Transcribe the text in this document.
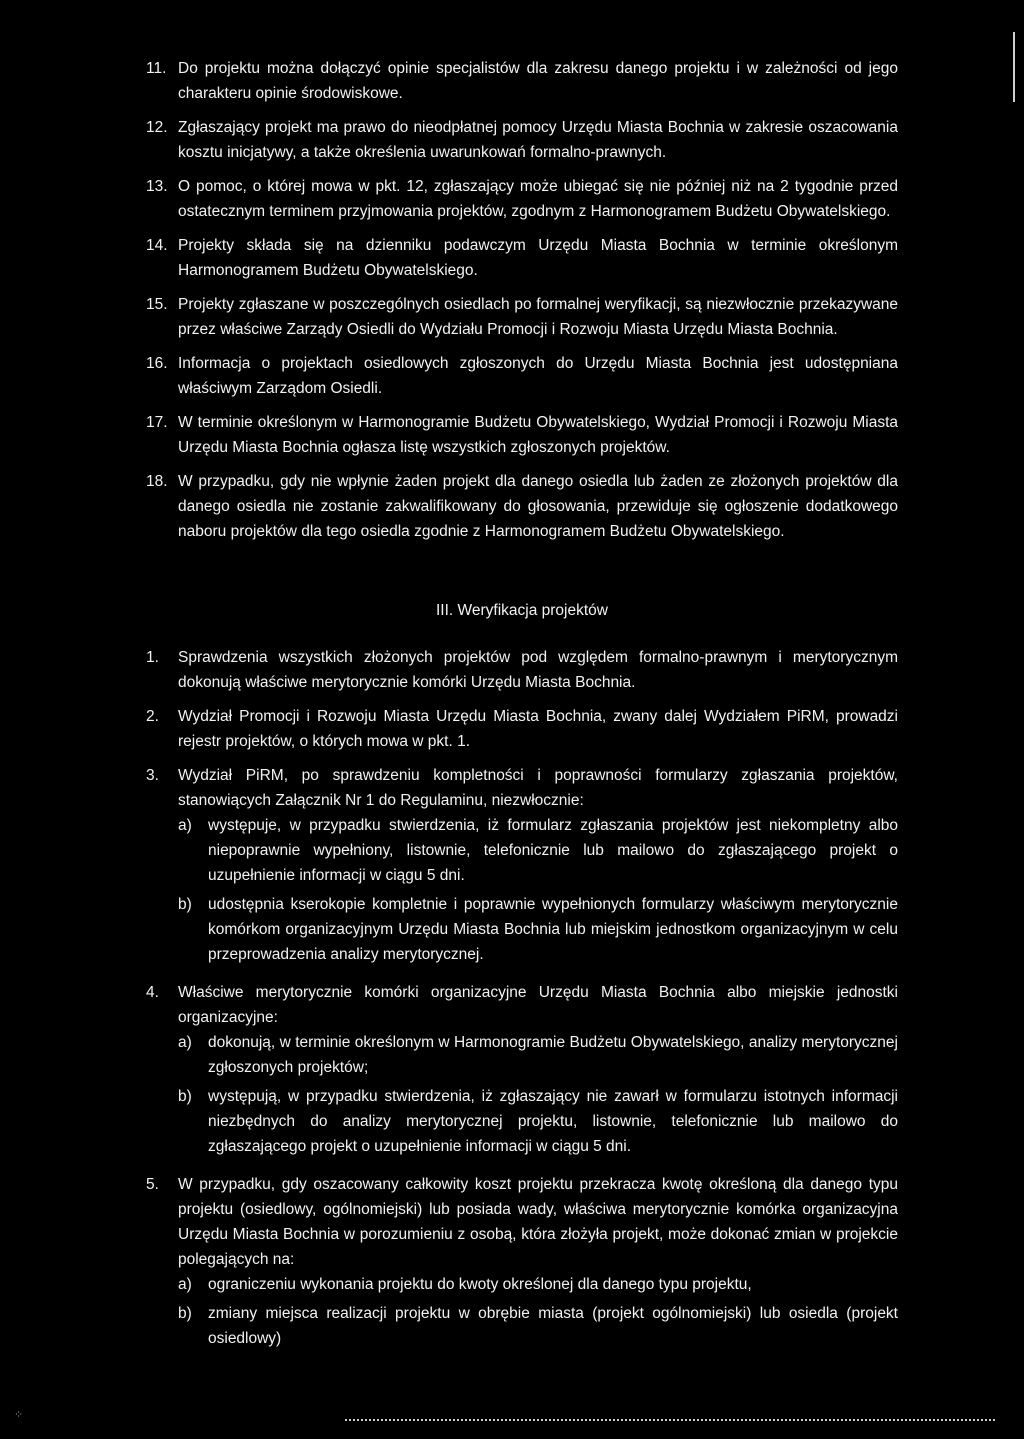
11. Do projektu można dołączyć opinie specjalistów dla zakresu danego projektu i w zależności od jego charakteru opinie środowiskowe.
12. Zgłaszający projekt ma prawo do nieodpłatnej pomocy Urzędu Miasta Bochnia w zakresie oszacowania kosztu inicjatywy, a także określenia uwarunkowań formalno-prawnych.
13. O pomoc, o której mowa w pkt. 12, zgłaszający może ubiegać się nie później niż na 2 tygodnie przed ostatecznym terminem przyjmowania projektów, zgodnym z Harmonogramem Budżetu Obywatelskiego.
14. Projekty składa się na dzienniku podawczym Urzędu Miasta Bochnia w terminie określonym Harmonogramem Budżetu Obywatelskiego.
15. Projekty zgłaszane w poszczególnych osiedlach po formalnej weryfikacji, są niezwłocznie przekazywane przez właściwe Zarządy Osiedli do Wydziału Promocji i Rozwoju Miasta Urzędu Miasta Bochnia.
16. Informacja o projektach osiedlowych zgłoszonych do Urzędu Miasta Bochnia jest udostępniana właściwym Zarządom Osiedli.
17. W terminie określonym w Harmonogramie Budżetu Obywatelskiego, Wydział Promocji i Rozwoju Miasta Urzędu Miasta Bochnia ogłasza listę wszystkich zgłoszonych projektów.
18. W przypadku, gdy nie wpłynie żaden projekt dla danego osiedla lub żaden ze złożonych projektów dla danego osiedla nie zostanie zakwalifikowany do głosowania, przewiduje się ogłoszenie dodatkowego naboru projektów dla tego osiedla zgodnie z Harmonogramem Budżetu Obywatelskiego.
III. Weryfikacja projektów
1.	Sprawdzenia wszystkich złożonych projektów pod względem formalno-prawnym i merytorycznym dokonują właściwe merytorycznie komórki Urzędu Miasta Bochnia.
2.	Wydział Promocji i Rozwoju Miasta Urzędu Miasta Bochnia, zwany dalej Wydziałem PiRM, prowadzi rejestr projektów, o których mowa w pkt. 1.
3.	Wydział PiRM, po sprawdzeniu kompletności i poprawności formularzy zgłaszania projektów, stanowiących Załącznik Nr 1 do Regulaminu, niezwłocznie:
a)	występuje, w przypadku stwierdzenia, iż formularz zgłaszania projektów jest niekompletny albo niepoprawnie wypełniony, listownie, telefonicznie lub mailowo do zgłaszającego projekt o uzupełnienie informacji w ciągu 5 dni.
b)	udostępnia kserokopie kompletnie i poprawnie wypełnionych formularzy właściwym merytorycznie komórkom organizacyjnym Urzędu Miasta Bochnia lub miejskim jednostkom organizacyjnym w celu przeprowadzenia analizy merytorycznej.
4.	Właściwe merytorycznie komórki organizacyjne Urzędu Miasta Bochnia albo miejskie jednostki organizacyjne:
a)	dokonują, w terminie określonym w Harmonogramie Budżetu Obywatelskiego, analizy merytorycznej zgłoszonych projektów;
b)	występują, w przypadku stwierdzenia, iż zgłaszający nie zawarł w formularzu istotnych informacji niezbędnych do analizy merytorycznej projektu, listownie, telefonicznie lub mailowo do zgłaszającego projekt o uzupełnienie informacji w ciągu 5 dni.
5.	W przypadku, gdy oszacowany całkowity koszt projektu przekracza kwotę określoną dla danego typu projektu (osiedlowy, ogólnomiejski) lub posiada wady, właściwa merytorycznie komórka organizacyjna Urzędu Miasta Bochnia w porozumieniu z osobą, która złożyła projekt, może dokonać zmian w projekcie polegających na:
a)	ograniczeniu wykonania projektu do kwoty określonej dla danego typu projektu,
b)	zmiany miejsca realizacji projektu w obrębie miasta (projekt ogólnomiejski) lub osiedla (projekt osiedlowy)
⁘
